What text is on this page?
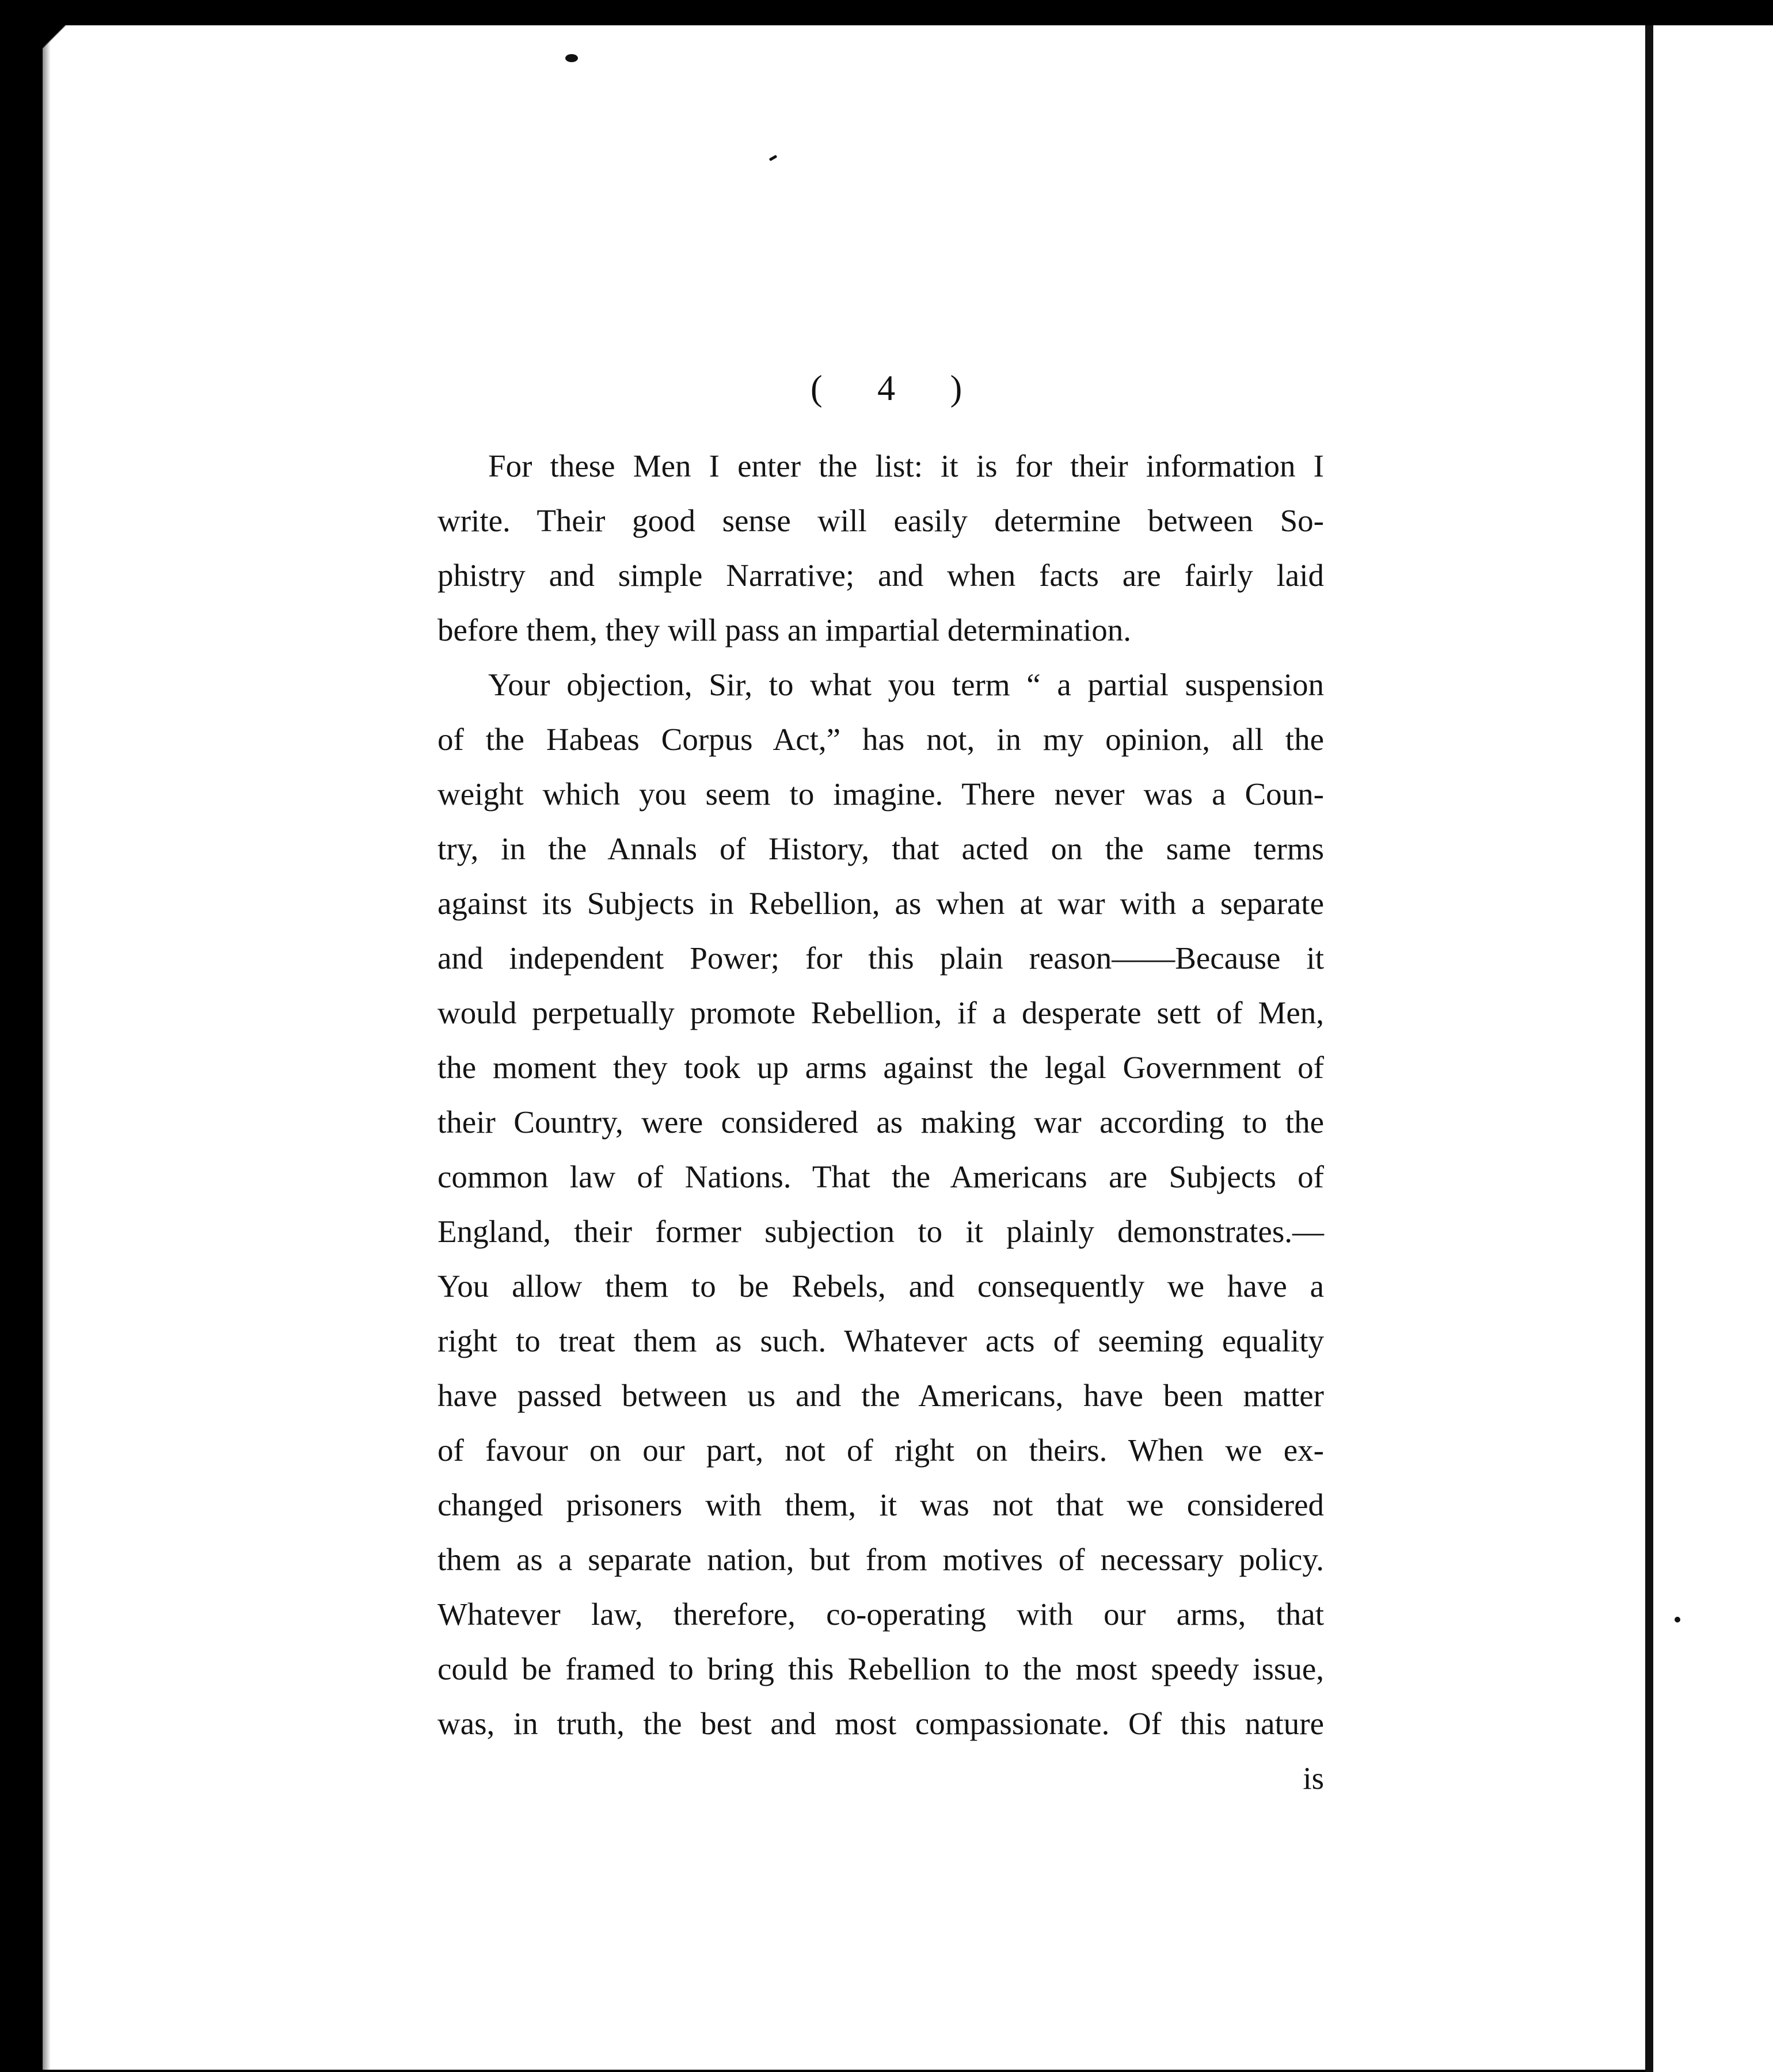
( 4 )
For these Men I enter the list: it is for their information I
write. Their good sense will easily determine between So-
phistry and simple Narrative; and when facts are fairly laid
before them, they will pass an impartial determination.
Your objection, Sir, to what you term “ a partial suspension
of the Habeas Corpus Act,” has not, in my opinion, all the
weight which you seem to imagine. There never was a Coun-
try, in the Annals of History, that acted on the same terms
against its Subjects in Rebellion, as when at war with a separate
and independent Power; for this plain reason——Because it
would perpetually promote Rebellion, if a desperate sett of Men,
the moment they took up arms against the legal Government of
their Country, were considered as making war according to the
common law of Nations. That the Americans are Subjects of
England, their former subjection to it plainly demonstrates.—
You allow them to be Rebels, and consequently we have a
right to treat them as such. Whatever acts of seeming equality
have passed between us and the Americans, have been matter
of favour on our part, not of right on theirs. When we ex-
changed prisoners with them, it was not that we considered
them as a separate nation, but from motives of necessary policy.
Whatever law, therefore, co-operating with our arms, that
could be framed to bring this Rebellion to the most speedy issue,
was, in truth, the best and most compassionate. Of this nature
is
